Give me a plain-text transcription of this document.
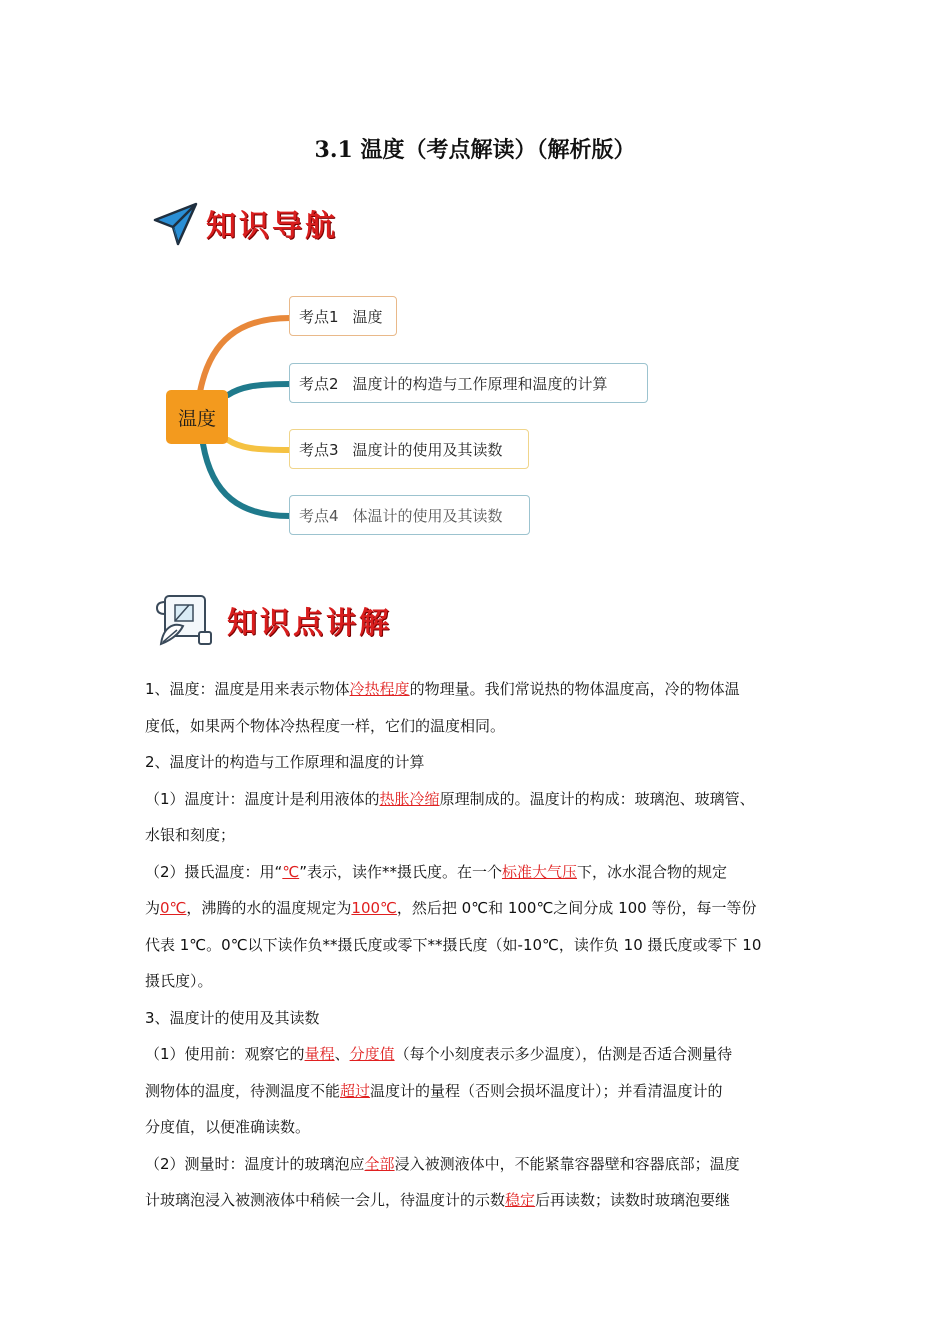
3.1 温度（考点解读）（解析版）
知识导航
温度
考点1 温度
考点2 温度计的构造与工作原理和温度的计算
考点3 温度计的使用及其读数
考点4 体温计的使用及其读数
知识点讲解

1、温度：温度是用来表示物体冷热程度的物理量。我们常说热的物体温度高，冷的物体温

度低，如果两个物体冷热程度一样，它们的温度相同。

2、温度计的构造与工作原理和温度的计算

（1）温度计：温度计是利用液体的热胀冷缩原理制成的。温度计的构成：玻璃泡、玻璃管、

水银和刻度；

（2）摄氏温度：用“℃”表示，读作**摄氏度。在一个标准大气压下，冰水混合物的规定

为0℃，沸腾的水的温度规定为100℃，然后把 0℃和 100℃之间分成 100 等份，每一等份

代表 1℃。0℃以下读作负**摄氏度或零下**摄氏度（如-10℃，读作负 10 摄氏度或零下 10

摄氏度）。

3、温度计的使用及其读数

（1）使用前：观察它的量程、分度值（每个小刻度表示多少温度），估测是否适合测量待

测物体的温度，待测温度不能超过温度计的量程（否则会损坏温度计）；并看清温度计的

分度值，以便准确读数。

（2）测量时：温度计的玻璃泡应全部浸入被测液体中，不能紧靠容器壁和容器底部；温度

计玻璃泡浸入被测液体中稍候一会儿，待温度计的示数稳定后再读数；读数时玻璃泡要继
